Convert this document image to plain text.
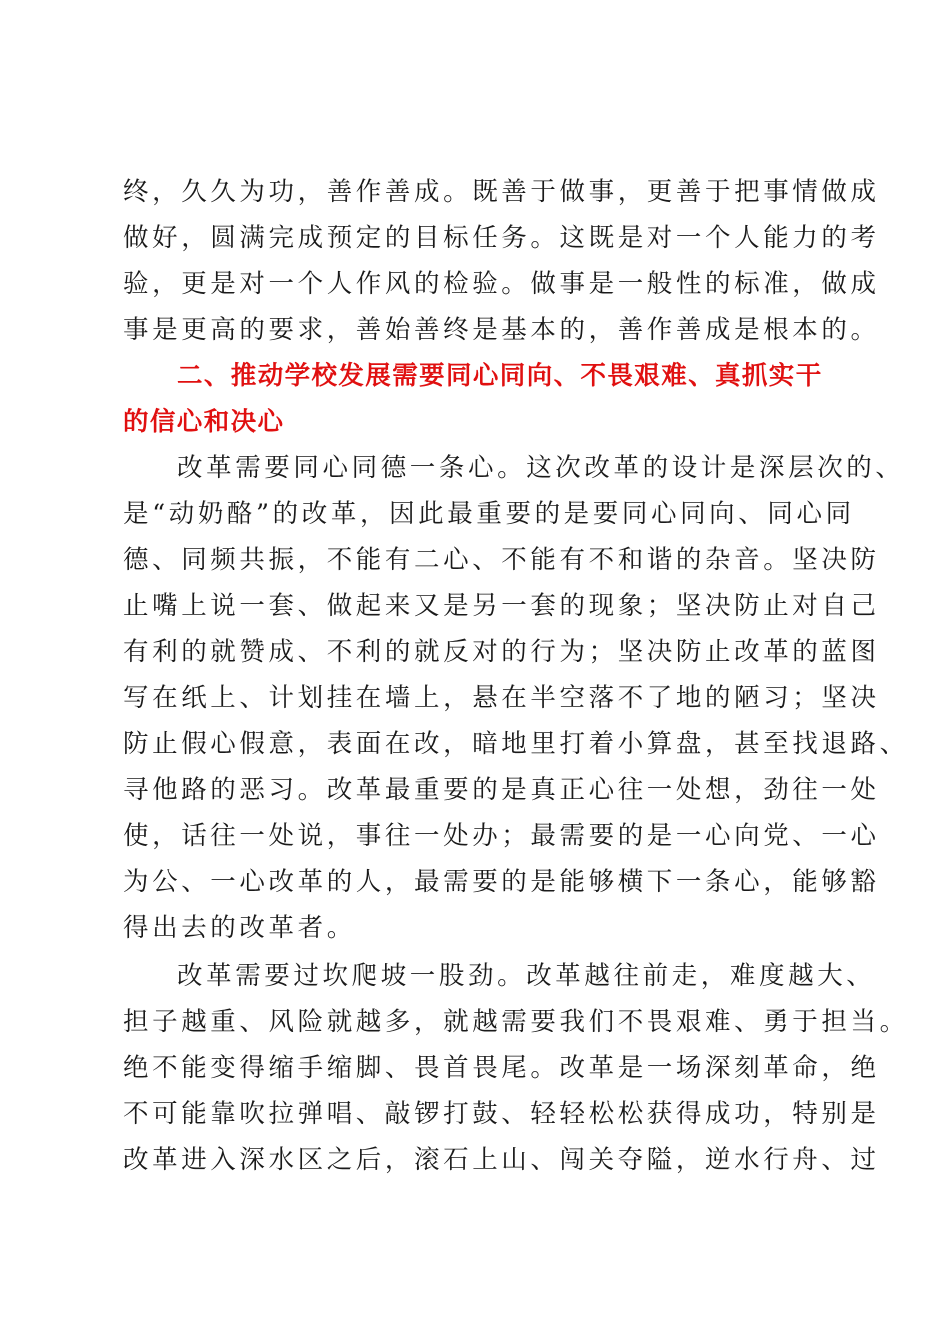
终，久久为功，善作善成。既善于做事，更善于把事情做成
做好，圆满完成预定的目标任务。这既是对一个人能力的考
验，更是对一个人作风的检验。做事是一般性的标准，做成
事是更高的要求，善始善终是基本的，善作善成是根本的。
二、推动学校发展需要同心同向、不畏艰难、真抓实干
的信心和决心
改革需要同心同德一条心。这次改革的设计是深层次的、
是“动奶酪”的改革，因此最重要的是要同心同向、同心同
德、同频共振，不能有二心、不能有不和谐的杂音。坚决防
止嘴上说一套、做起来又是另一套的现象；坚决防止对自己
有利的就赞成、不利的就反对的行为；坚决防止改革的蓝图
写在纸上、计划挂在墙上，悬在半空落不了地的陋习；坚决
防止假心假意，表面在改，暗地里打着小算盘，甚至找退路、
寻他路的恶习。改革最重要的是真正心往一处想，劲往一处
使，话往一处说，事往一处办；最需要的是一心向党、一心
为公、一心改革的人，最需要的是能够横下一条心，能够豁
得出去的改革者。
改革需要过坎爬坡一股劲。改革越往前走，难度越大、
担子越重、风险就越多，就越需要我们不畏艰难、勇于担当。
绝不能变得缩手缩脚、畏首畏尾。改革是一场深刻革命，绝
不可能靠吹拉弹唱、敲锣打鼓、轻轻松松获得成功，特别是
改革进入深水区之后，滚石上山、闯关夺隘，逆水行舟、过
